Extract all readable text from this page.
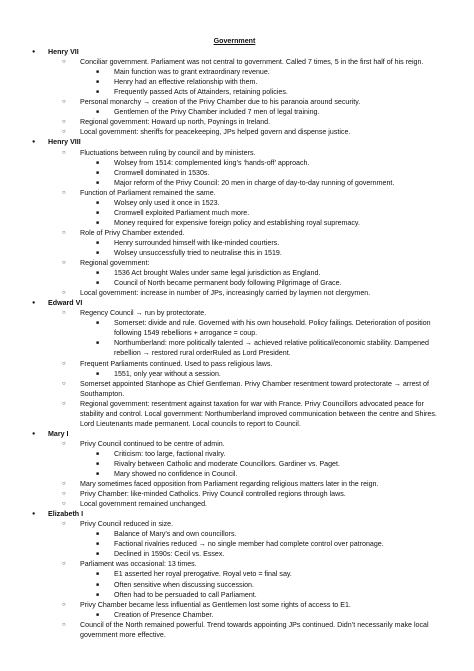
Government
● Henry VII
○ Conciliar government. Parliament was not central to government. Called 7 times, 5 in the first half of his reign.
■ Main function was to grant extraordinary revenue.
■ Henry had an effective relationship with them.
■ Frequently passed Acts of Attainders, retaining policies.
○ Personal monarchy → creation of the Privy Chamber due to his paranoia around security.
■ Gentlemen of the Privy Chamber included 7 men of legal training.
○ Regional government: Howard up north, Poynings in Ireland.
○ Local government: sheriffs for peacekeeping, JPs helped govern and dispense justice.
● Henry VIII
○ Fluctuations between ruling by council and by ministers.
■ Wolsey from 1514: complemented king’s ‘hands-off’ approach.
■ Cromwell dominated in 1530s.
■ Major reform of the Privy Council: 20 men in charge of day-to-day running of government.
○ Function of Parliament remained the same.
■ Wolsey only used it once in 1523.
■ Cromwell exploited Parliament much more.
■ Money required for expensive foreign policy and establishing royal supremacy.
○ Role of Privy Chamber extended.
■ Henry surrounded himself with like-minded courtiers.
■ Wolsey unsuccessfully tried to neutralise this in 1519.
○ Regional government:
■ 1536 Act brought Wales under same legal jurisdiction as England.
■ Council of North became permanent body following Pilgrimage of Grace.
○ Local government: increase in number of JPs, increasingly carried by laymen not clergymen.
● Edward VI
○ Regency Council → run by protectorate.
■ Somerset: divide and rule. Governed with his own household. Policy failings. Deterioration of position following 1549 rebellions + arrogance = coup.
■ Northumberland: more politically talented → achieved relative political/economic stability. Dampened rebellion → restored rural orderRuled as Lord President.
○ Frequent Parliaments continued. Used to pass religious laws.
■ 1551, only year without a session.
○ Somerset appointed Stanhope as Chief Gentleman. Privy Chamber resentment toward protectorate → arrest of Southampton.
○ Regional government: resentment against taxation for war with France. Privy Councillors advocated peace for stability and control. Local government: Northumberland improved communication between the centre and Shires. Lord Lieutenants made permanent. Local councils to report to Council.
● Mary I
○ Privy Council continued to be centre of admin.
■ Criticism: too large, factional rivalry.
■ Rivalry between Catholic and moderate Councillors. Gardiner vs. Paget.
■ Mary showed no confidence in Council.
○ Mary sometimes faced opposition from Parliament regarding religious matters later in the reign.
○ Privy Chamber: like-minded Catholics. Privy Council controlled regions through laws.
○ Local government remained unchanged.
● Elizabeth I
○ Privy Council reduced in size.
■ Balance of Mary’s and own councillors.
■ Factional rivalries reduced → no single member had complete control over patronage.
■ Declined in 1590s: Cecil vs. Essex.
○ Parliament was occasional: 13 times.
■ E1 asserted her royal prerogative. Royal veto = final say.
■ Often sensitive when discussing succession.
■ Often had to be persuaded to call Parliament.
○ Privy Chamber became less influential as Gentlemen lost some rights of access to E1.
■ Creation of Presence Chamber.
○ Council of the North remained powerful. Trend towards appointing JPs continued. Didn’t necessarily make local government more effective.
